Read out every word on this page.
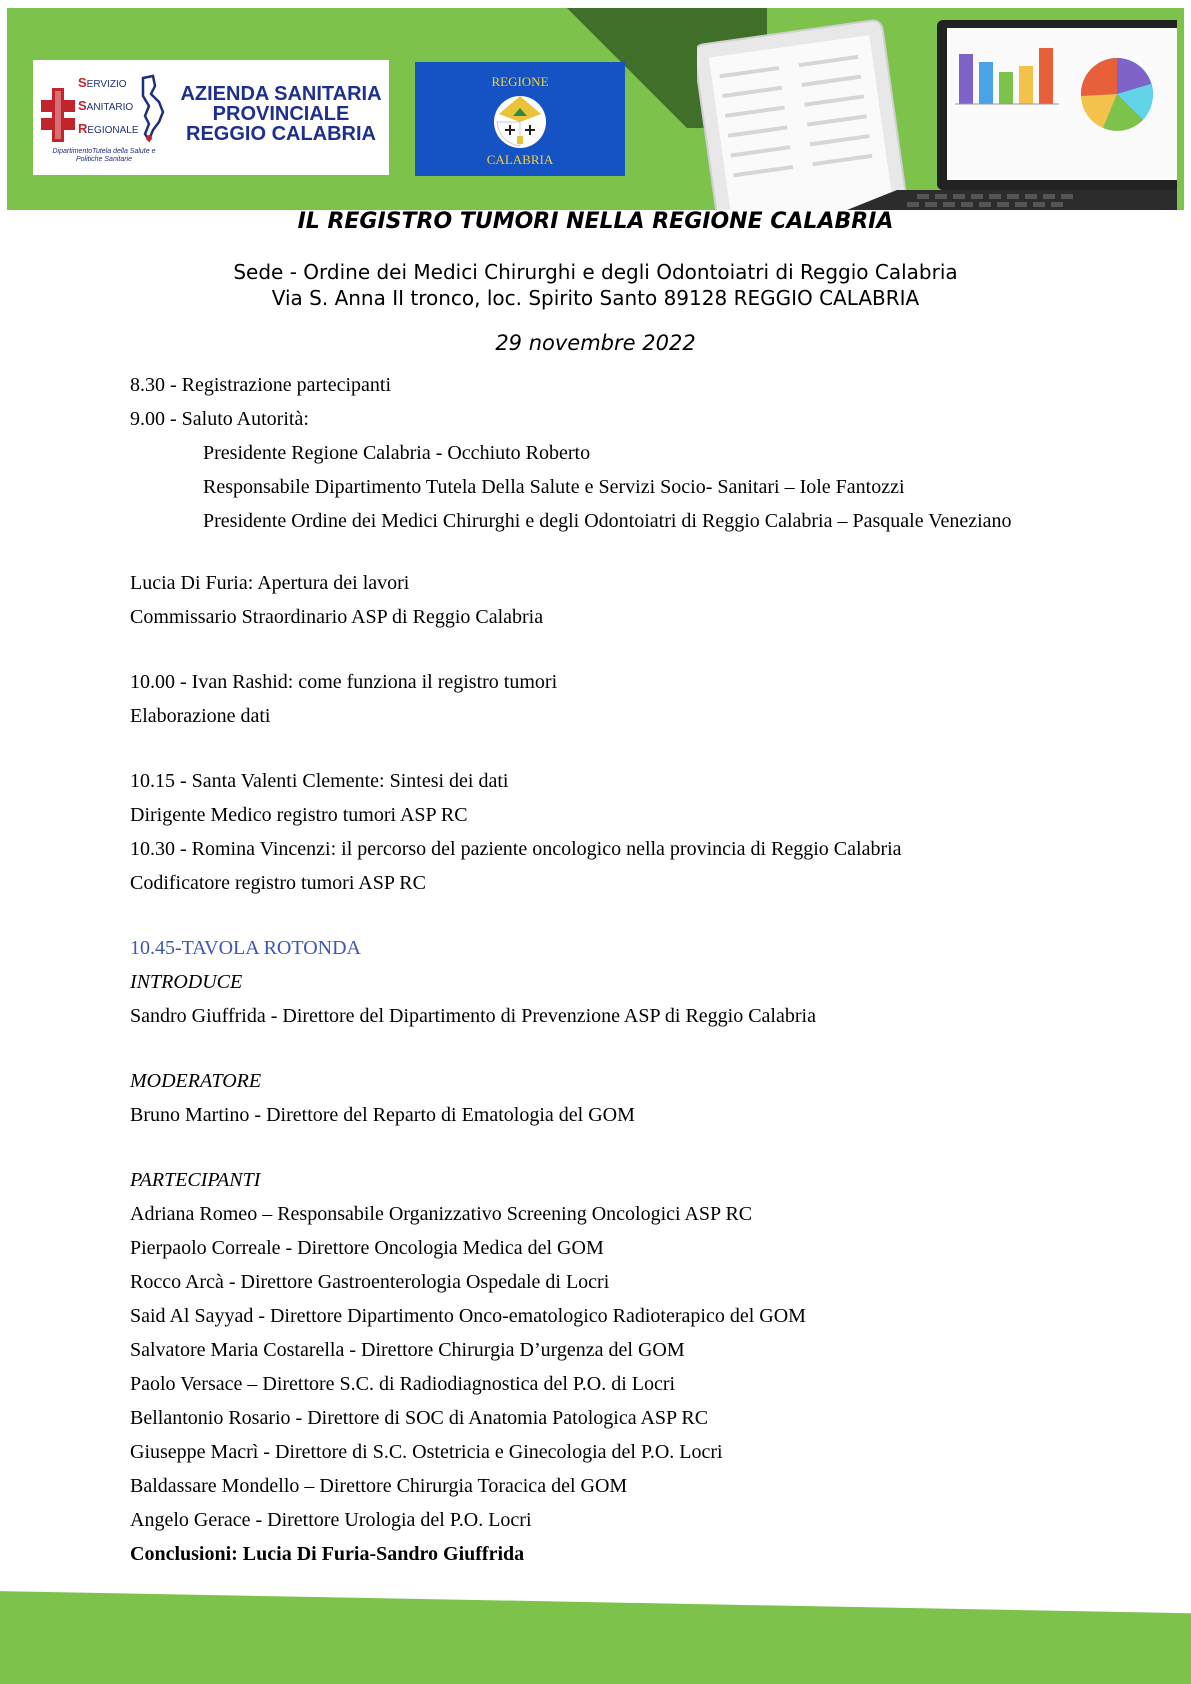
SERVIZIO
SANITARIO
REGIONALE
DipartimentoTutela della Salute e Politiche Sanitarie
AZIENDA SANITARIA
PROVINCIALE
REGGIO CALABRIA
REGIONE
CALABRIA
IL REGISTRO TUMORI NELLA REGIONE CALABRIA
Sede - Ordine dei Medici Chirurghi e degli Odontoiatri di Reggio Calabria
Via S. Anna II tronco, loc. Spirito Santo 89128 REGGIO CALABRIA
29 novembre 2022
8.30 - Registrazione partecipanti
9.00 - Saluto Autorità:
Presidente Regione Calabria - Occhiuto Roberto
Responsabile Dipartimento Tutela Della Salute e Servizi Socio- Sanitari – Iole Fantozzi
Presidente Ordine dei Medici Chirurghi e degli Odontoiatri di Reggio Calabria – Pasquale Veneziano
Lucia Di Furia: Apertura dei lavori
Commissario Straordinario ASP di Reggio Calabria
10.00 - Ivan Rashid: come funziona il registro tumori
Elaborazione dati
10.15 - Santa Valenti Clemente: Sintesi dei dati
Dirigente Medico registro tumori ASP RC
10.30 - Romina Vincenzi: il percorso del paziente oncologico nella provincia di Reggio Calabria
Codificatore registro tumori ASP RC
10.45-TAVOLA ROTONDA
INTRODUCE
Sandro Giuffrida - Direttore del Dipartimento di Prevenzione ASP di Reggio Calabria
MODERATORE
Bruno Martino - Direttore del Reparto di Ematologia del GOM
PARTECIPANTI
Adriana Romeo – Responsabile Organizzativo Screening Oncologici ASP RC
Pierpaolo Correale - Direttore Oncologia Medica del GOM
Rocco Arcà - Direttore Gastroenterologia Ospedale di Locri
Said Al Sayyad - Direttore Dipartimento Onco-ematologico Radioterapico del GOM
Salvatore Maria Costarella - Direttore Chirurgia D’urgenza del GOM
Paolo Versace – Direttore S.C. di Radiodiagnostica del P.O. di Locri
Bellantonio Rosario - Direttore di SOC di Anatomia Patologica ASP RC
Giuseppe Macrì - Direttore di S.C. Ostetricia e Ginecologia del P.O. Locri
Baldassare Mondello – Direttore Chirurgia Toracica del GOM
Angelo Gerace - Direttore Urologia del P.O. Locri
Conclusioni: Lucia Di Furia-Sandro Giuffrida
